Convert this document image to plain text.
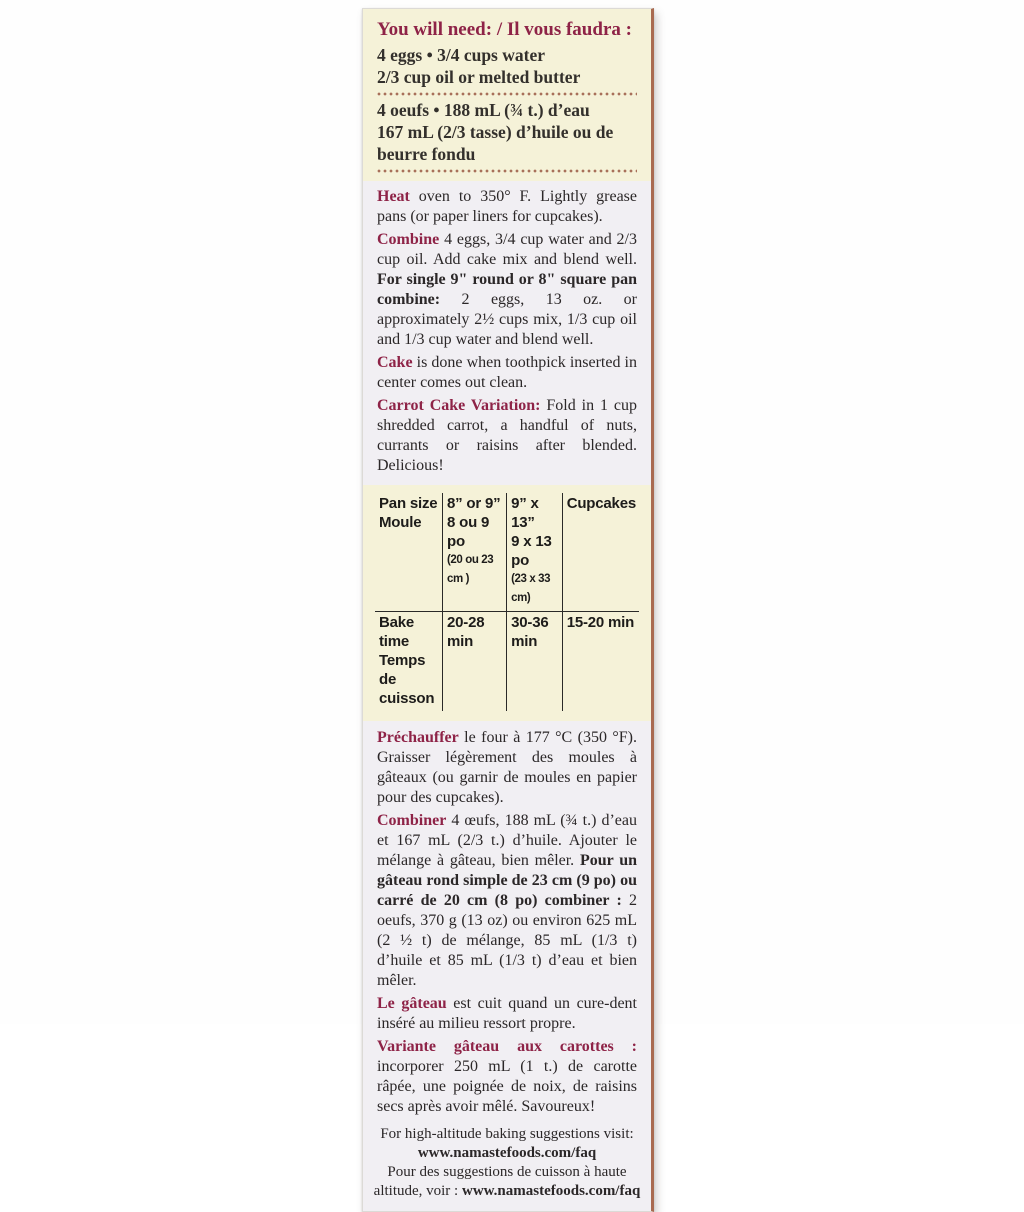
You will need: / Il vous faudra :
4 eggs • 3/4 cups water
2/3 cup oil or melted butter
4 oeufs • 188 mL (¾ t.) d’eau
167 mL (2/3 tasse) d’huile ou de
beurre fondu

Heat oven to 350° F. Lightly grease pans (or paper liners for cupcakes).

Combine 4 eggs, 3/4 cup water and 2/3 cup oil. Add cake mix and blend well. For single 9" round or 8" square pan combine: 2 eggs, 13 oz. or approximately 2½ cups mix, 1/3 cup oil and 1/3 cup water and blend well.

Cake is done when toothpick inserted in center comes out clean.

Carrot Cake Variation: Fold in 1 cup shredded carrot, a handful of nuts, currants or raisins after blended. Delicious!

Pan size
Moule	8” or 9”
8 ou 9 po
(20 ou 23 cm )	9” x 13”
9 x 13 po
(23 x 33 cm)	Cupcakes

Bake time
Temps de
cuisson	20-28 min	30-36 min	15-20 min

Préchauffer le four à 177 °C (350 °F). Graisser légèrement des moules à gâteaux (ou garnir de moules en papier pour des cupcakes).

Combiner 4 œufs, 188 mL (¾ t.) d’eau et 167 mL (2/3 t.) d’huile. Ajouter le mélange à gâteau, bien mêler. Pour un gâteau rond simple de 23 cm (9 po) ou carré de 20 cm (8 po) combiner : 2 oeufs, 370 g (13 oz) ou environ 625 mL (2 ½ t) de mélange, 85 mL (1/3 t) d’huile et 85 mL (1/3 t) d’eau et bien mêler.

Le gâteau est cuit quand un cure-dent inséré au milieu ressort propre.

Variante gâteau aux carottes : incorporer 250 mL (1 t.) de carotte râpée, une poignée de noix, de raisins secs après avoir mêlé. Savoureux!

For high-altitude baking suggestions visit:

www.namastefoods.com/faq

Pour des suggestions de cuisson à haute altitude, voir : www.namastefoods.com/faq
